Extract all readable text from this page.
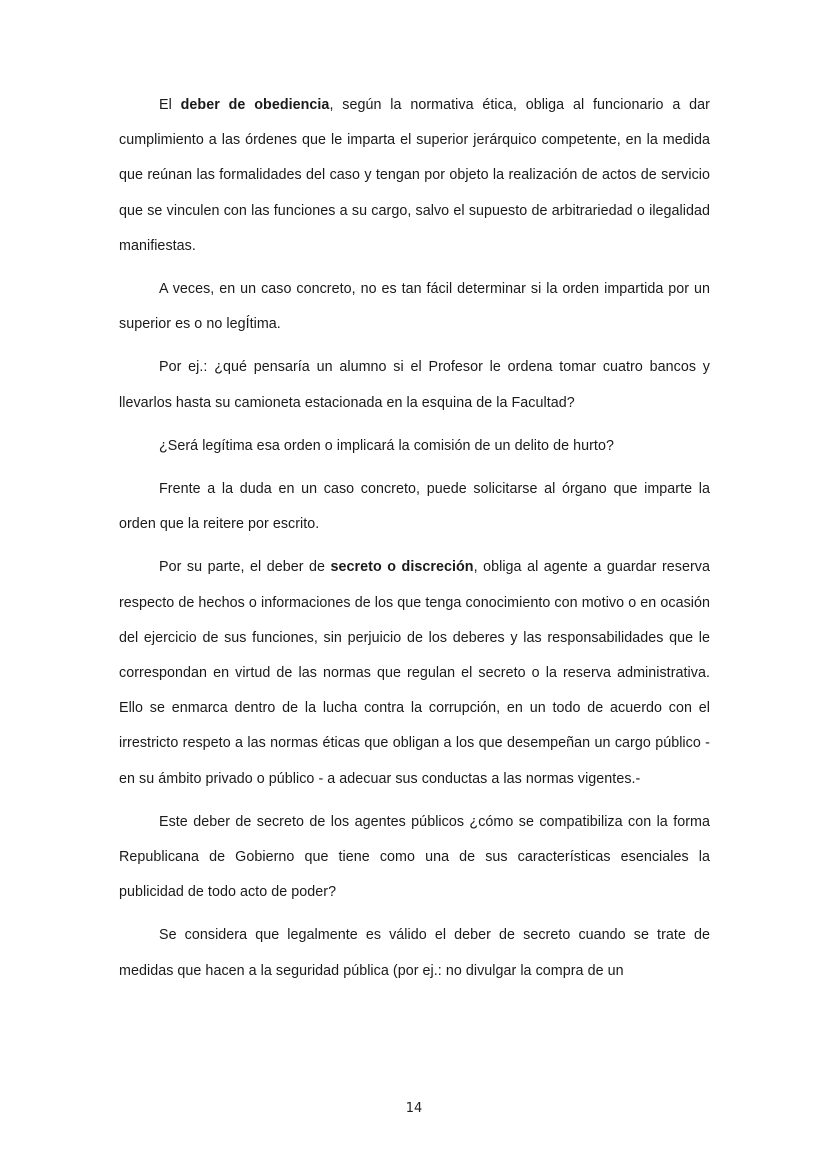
El deber de obediencia, según la normativa ética, obliga al funcionario a dar cumplimiento a las órdenes que le imparta el superior jerárquico competente, en la medida que reúnan las formalidades del caso y tengan por objeto la realización de actos de servicio que se vinculen con las funciones a su cargo, salvo el supuesto de arbitrariedad o ilegalidad manifiestas.

A veces, en un caso concreto, no es tan fácil determinar si la orden impartida por un superior es o no legÍtima.

Por ej.: ¿qué pensaría un alumno si el Profesor le ordena tomar cuatro bancos y llevarlos hasta su camioneta estacionada en la esquina de la Facultad?

¿Será legítima esa orden o implicará la comisión de un delito de hurto?

Frente a la duda en un caso concreto, puede solicitarse al órgano que imparte la orden que la reitere por escrito.

Por su parte, el deber de secreto o discreción, obliga al agente a guardar reserva respecto de hechos o informaciones de los que tenga conocimiento con motivo o en ocasión del ejercicio de sus funciones, sin perjuicio de los deberes y las responsabilidades que le correspondan en virtud de las normas que regulan el secreto o la reserva administrativa. Ello se enmarca dentro de la lucha contra la corrupción, en un todo de acuerdo con el irrestricto respeto a las normas éticas que obligan a los que desempeñan un cargo público - en su ámbito privado o público - a adecuar sus conductas a las normas vigentes.-

Este deber de secreto de los agentes públicos ¿cómo se compatibiliza con la forma Republicana de Gobierno que tiene como una de sus características esenciales la publicidad de todo acto de poder?

Se considera que legalmente es válido el deber de secreto cuando se trate de medidas que hacen a la seguridad pública (por ej.: no divulgar la compra de un

14
